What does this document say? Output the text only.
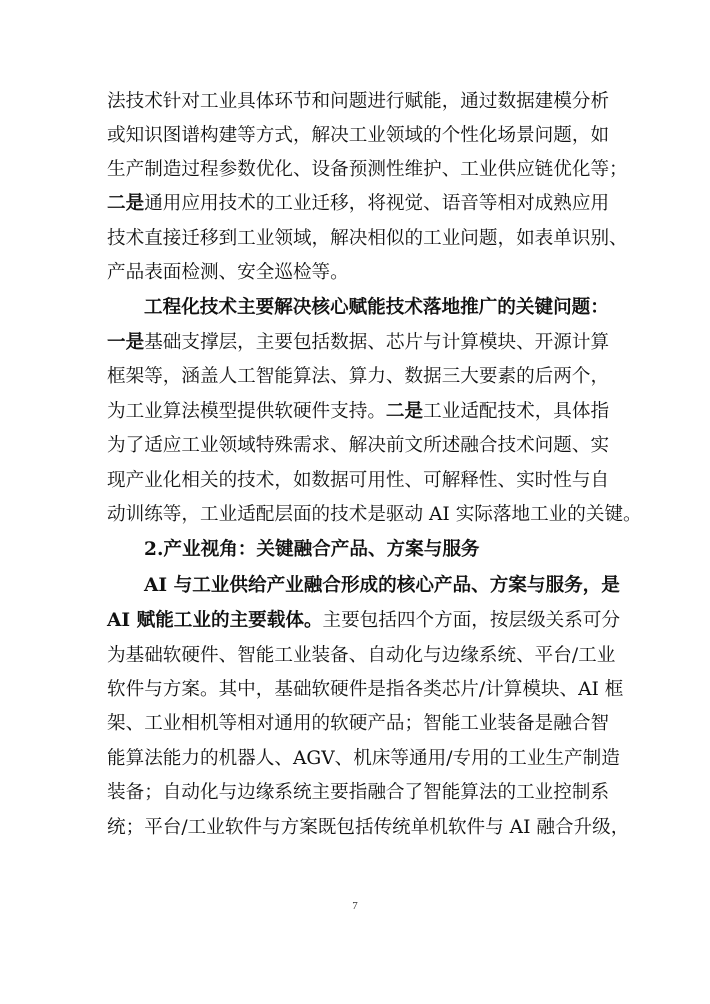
法技术针对工业具体环节和问题进行赋能，通过数据建模分析
或知识图谱构建等方式，解决工业领域的个性化场景问题，如
生产制造过程参数优化、设备预测性维护、工业供应链优化等；
二是通用应用技术的工业迁移，将视觉、语音等相对成熟应用
技术直接迁移到工业领域，解决相似的工业问题，如表单识别、
产品表面检测、安全巡检等。
工程化技术主要解决核心赋能技术落地推广的关键问题：
一是基础支撑层，主要包括数据、芯片与计算模块、开源计算
框架等，涵盖人工智能算法、算力、数据三大要素的后两个，
为工业算法模型提供软硬件支持。二是工业适配技术，具体指
为了适应工业领域特殊需求、解决前文所述融合技术问题、实
现产业化相关的技术，如数据可用性、可解释性、实时性与自
动训练等，工业适配层面的技术是驱动 AI 实际落地工业的关键。
2.产业视角：关键融合产品、方案与服务
AI 与工业供给产业融合形成的核心产品、方案与服务，是
AI 赋能工业的主要载体。主要包括四个方面，按层级关系可分
为基础软硬件、智能工业装备、自动化与边缘系统、平台/工业
软件与方案。其中，基础软硬件是指各类芯片/计算模块、AI 框
架、工业相机等相对通用的软硬产品；智能工业装备是融合智
能算法能力的机器人、AGV、机床等通用/专用的工业生产制造
装备；自动化与边缘系统主要指融合了智能算法的工业控制系
统；平台/工业软件与方案既包括传统单机软件与 AI 融合升级，
7
